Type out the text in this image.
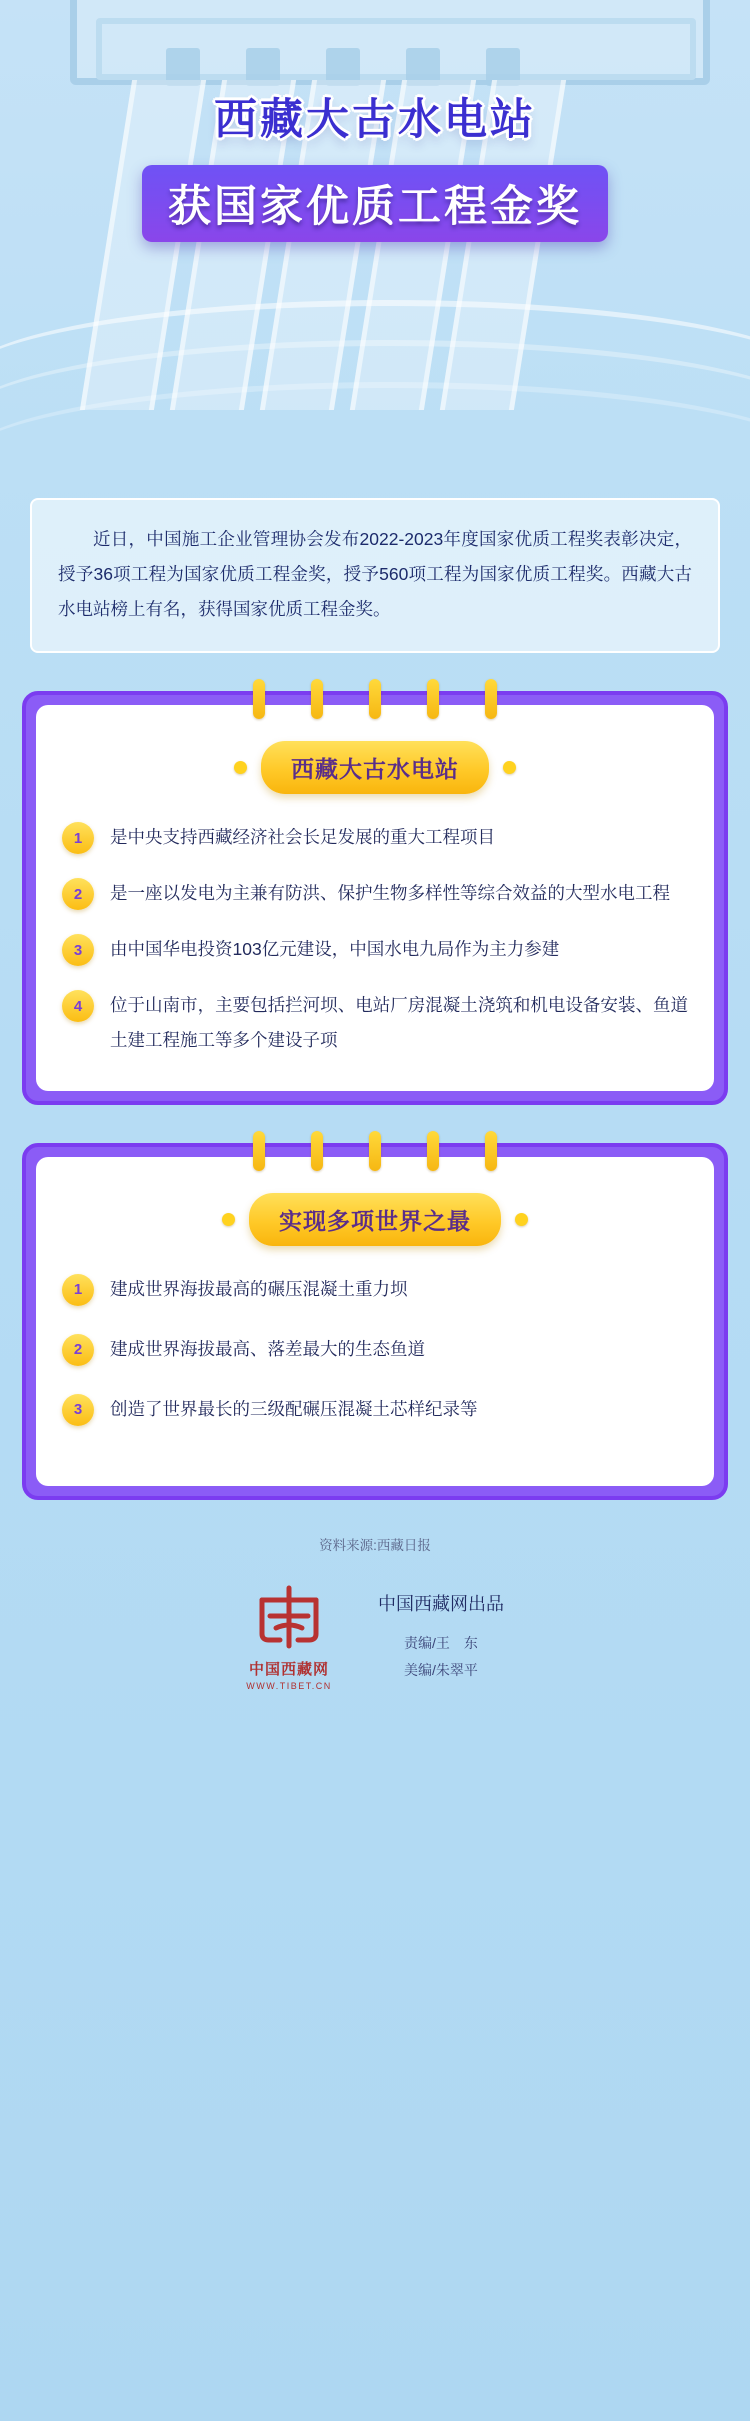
西藏大古水电站
获国家优质工程金奖

近日，中国施工企业管理协会发布2022-2023年度国家优质工程奖表彰决定，授予36项工程为国家优质工程金奖，授予560项工程为国家优质工程奖。西藏大古水电站榜上有名，获得国家优质工程金奖。

西藏大古水电站
1	是中央支持西藏经济社会长足发展的重大工程项目
2	是一座以发电为主兼有防洪、保护生物多样性等综合效益的大型水电工程
3	由中国华电投资103亿元建设，中国水电九局作为主力参建
4	位于山南市，主要包括拦河坝、电站厂房混凝土浇筑和机电设备安装、鱼道土建工程施工等多个建设子项
实现多项世界之最
1	建成世界海拔最高的碾压混凝土重力坝
2	建成世界海拔最高、落差最大的生态鱼道
3	创造了世界最长的三级配碾压混凝土芯样纪录等
资料来源:西藏日报
中国西藏网
WWW.TIBET.CN
中国西藏网出品
责编/王　东
美编/朱翠平
